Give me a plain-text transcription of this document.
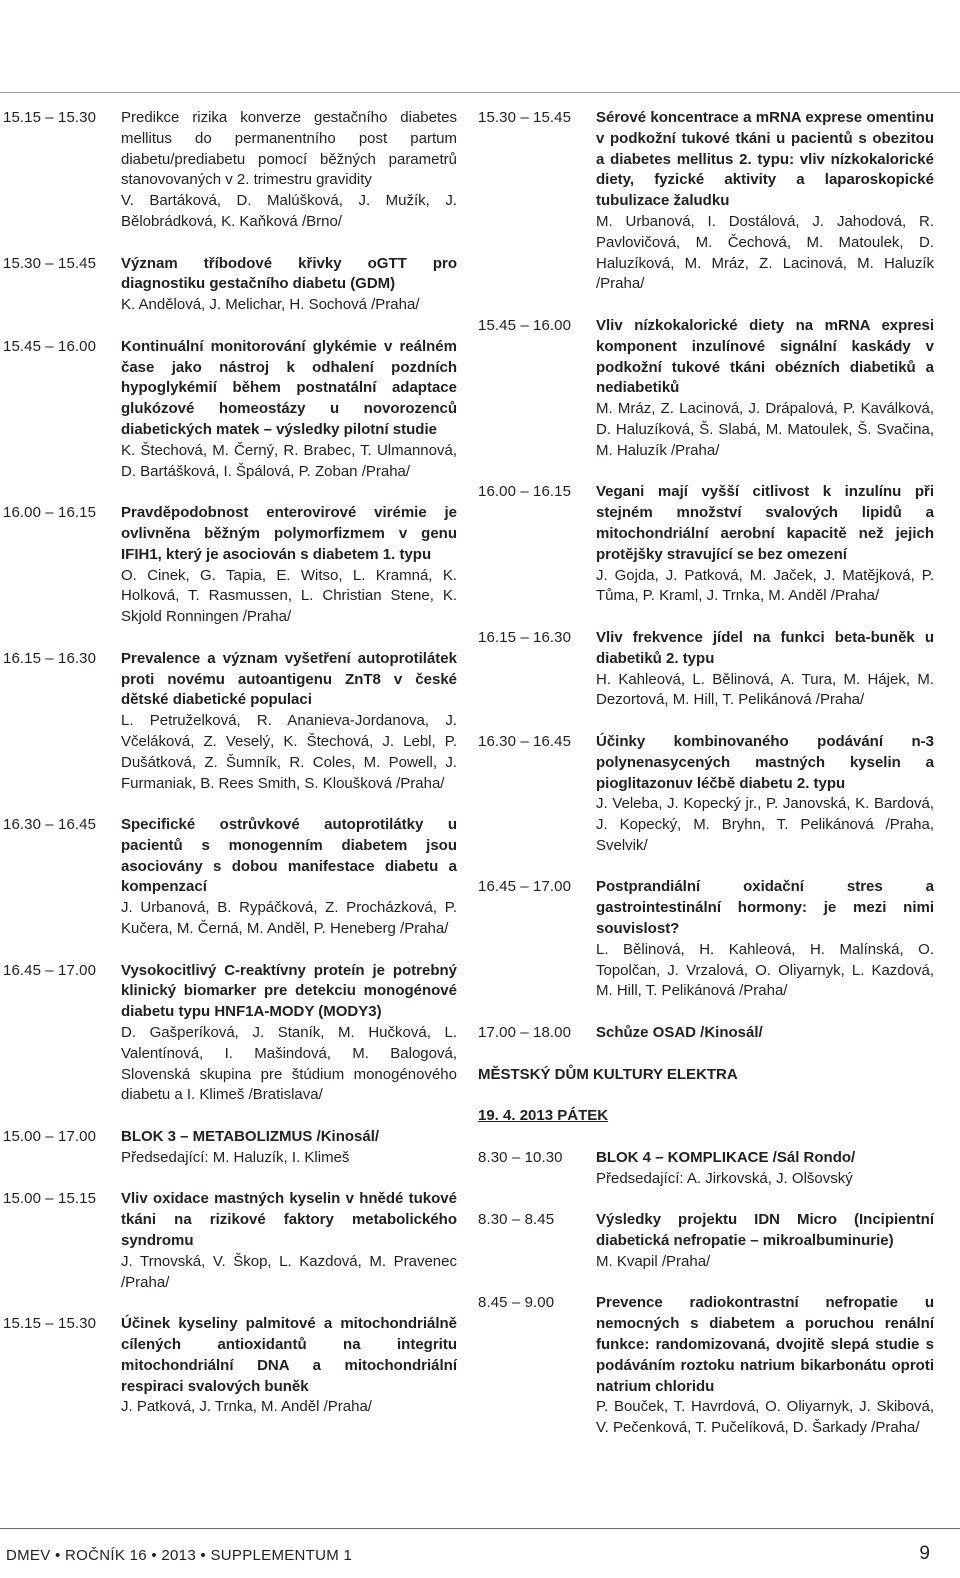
15.15 – 15.30	Predikce rizika konverze gestačního diabetes mellitus do permanentního post partum diabetu/prediabetu pomocí běžných parametrů stanovovaných v 2. trimestru gravidity
V. Bartáková, D. Malúšková, J. Mužík, J. Bělobrádková, K. Kaňková /Brno/
15.30 – 15.45	Význam tříbodové křivky oGTT pro diagnostiku gestačního diabetu (GDM)
K. Andělová, J. Melichar, H. Sochová /Praha/
15.45 – 16.00	Kontinuální monitorování glykémie v reálném čase jako nástroj k odhalení pozdních hypoglykémií během postnatální adaptace glukózové homeostázy u novorozenců diabetických matek – výsledky pilotní studie
K. Štechová, M. Černý, R. Brabec, T. Ulmannová, D. Bartášková, I. Špálová, P. Zoban /Praha/
16.00 – 16.15	Pravděpodobnost enterovirové virémie je ovlivněna běžným polymorfizmem v genu IFIH1, který je asociován s diabetem 1. typu
O. Cinek, G. Tapia, E. Witso, L. Kramná, K. Holková, T. Rasmussen, L. Christian Stene, K. Skjold Ronningen /Praha/
16.15 – 16.30	Prevalence a význam vyšetření autoprotilátek proti novému autoantigenu ZnT8 v české dětské diabetické populaci
L. Petruželková, R. Ananieva-Jordanova, J. Včeláková, Z. Veselý, K. Štechová, J. Lebl, P. Dušátková, Z. Šumník, R. Coles, M. Powell, J. Furmaniak, B. Rees Smith, S. Kloušková /Praha/
16.30 – 16.45	Specifické ostrůvkové autoprotilátky u pacientů s monogenním diabetem jsou asociovány s dobou manifestace diabetu a kompenzací
J. Urbanová, B. Rypáčková, Z. Procházková, P. Kučera, M. Černá, M. Anděl, P. Heneberg /Praha/
16.45 – 17.00	Vysokocitlivý C-reaktívny proteín je potrebný klinický biomarker pre detekciu monogénové diabetu typu HNF1A-MODY (MODY3)
D. Gašperíková, J. Staník, M. Hučková, L. Valentínová, I. Mašindová, M. Balogová, Slovenská skupina pre štúdium monogénového diabetu a I. Klimeš /Bratislava/
15.00 – 17.00	BLOK 3 – METABOLIZMUS /Kinosál/
Předsedající: M. Haluzík, I. Klimeš
15.00 – 15.15	Vliv oxidace mastných kyselin v hnědé tukové tkáni na rizikové faktory metabolického syndromu
J. Trnovská, V. Škop, L. Kazdová, M. Pravenec /Praha/
15.15 – 15.30	Účinek kyseliny palmitové a mitochondriálně cílených antioxidantů na integritu mitochondriální DNA a mitochondriální respiraci svalových buněk
J. Patková, J. Trnka, M. Anděl /Praha/
15.30 – 15.45	Sérové koncentrace a mRNA exprese omentinu v podkožní tukové tkáni u pacientů s obezitou a diabetes mellitus 2. typu: vliv nízkokalorické diety, fyzické aktivity a laparoskopické tubulizace žaludku
M. Urbanová, I. Dostálová, J. Jahodová, R. Pavlovičová, M. Čechová, M. Matoulek, D. Haluzíková, M. Mráz, Z. Lacinová, M. Haluzík /Praha/
15.45 – 16.00	Vliv nízkokalorické diety na mRNA expresi komponent inzulínové signální kaskády v podkožní tukové tkáni obézních diabetiků a nediabetiků
M. Mráz, Z. Lacinová, J. Drápalová, P. Kaválková, D. Haluzíková, Š. Slabá, M. Matoulek, Š. Svačina, M. Haluzík /Praha/
16.00 – 16.15	Vegani mají vyšší citlivost k inzulínu při stejném množství svalových lipidů a mitochondriální aerobní kapacitě než jejich protějšky stravující se bez omezení
J. Gojda, J. Patková, M. Jaček, J. Matějková, P. Tůma, P. Kraml, J. Trnka, M. Anděl /Praha/
16.15 – 16.30	Vliv frekvence jídel na funkci beta-buněk u diabetiků 2. typu
H. Kahleová, L. Bělinová, A. Tura, M. Hájek, M. Dezortová, M. Hill, T. Pelikánová /Praha/
16.30 – 16.45	Účinky kombinovaného podávání n-3 polynenasycených mastných kyselin a pioglitazonuv léčbě diabetu 2. typu
J. Veleba, J. Kopecký jr., P. Janovská, K. Bardová, J. Kopecký, M. Bryhn, T. Pelikánová /Praha, Svelvik/
16.45 – 17.00	Postprandiální oxidační stres a gastrointestinální hormony: je mezi nimi souvislost?
L. Bělinová, H. Kahleová, H. Malínská, O. Topolčan, J. Vrzalová, O. Oliyarnyk, L. Kazdová, M. Hill, T. Pelikánová /Praha/
17.00 – 18.00	Schůze OSAD /Kinosál/
MĚSTSKÝ DŮM KULTURY ELEKTRA
19. 4. 2013 PÁTEK
8.30 – 10.30	BLOK 4 – KOMPLIKACE /Sál Rondo/
Předsedající: A. Jirkovská, J. Olšovský
8.30 – 8.45	Výsledky projektu IDN Micro (Incipientní diabetická nefropatie – mikroalbuminurie)
M. Kvapil /Praha/
8.45 – 9.00	Prevence radiokontrastní nefropatie u nemocných s diabetem a poruchou renální funkce: randomizovaná, dvojitě slepá studie s podáváním roztoku natrium bikarbonátu oproti natrium chloridu
P. Bouček, T. Havrdová, O. Oliyarnyk, J. Skibová, V. Pečenková, T. Pučelíková, D. Šarkady /Praha/
DMEV • ROČNÍK 16 • 2013 • SUPPLEMENTUM 1	9
